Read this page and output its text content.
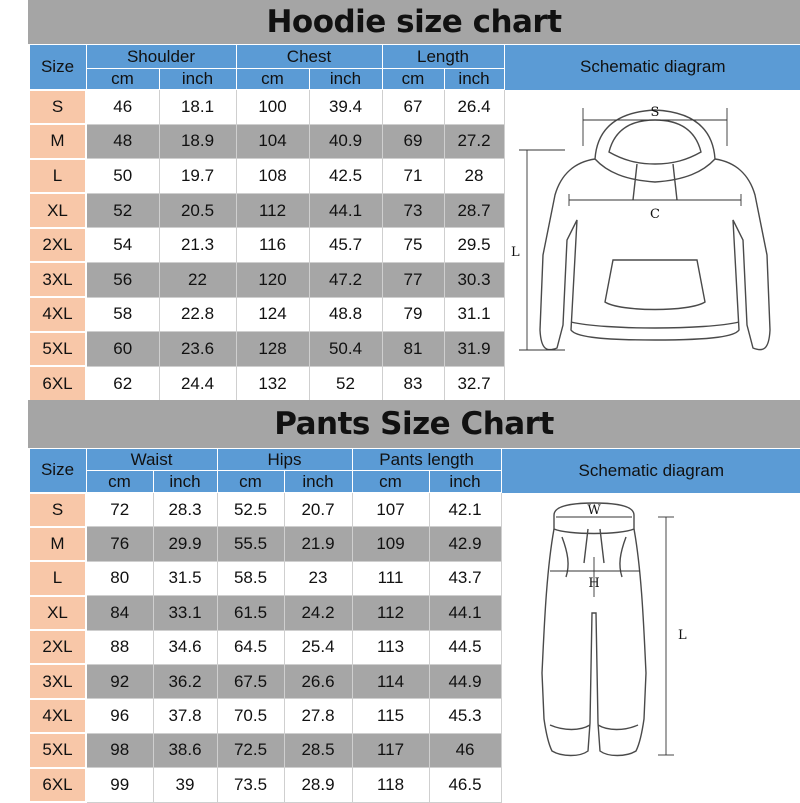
Hoodie size chart
Size	Shoulder		Chest		Length		Schematic diagram
	cm	inch	cm	inch	cm	inch	
S	46	18.1	100	39.4	67	26.4	S
C
L

M	48	18.9	104	40.9	69	27.2	
L	50	19.7	108	42.5	71	28	
XL	52	20.5	112	44.1	73	28.7	
2XL	54	21.3	116	45.7	75	29.5	
3XL	56	22	120	47.2	77	30.3	
4XL	58	22.8	124	48.8	79	31.1	
5XL	60	23.6	128	50.4	81	31.9	
6XL	62	24.4	132	52	83	32.7	
Pants Size Chart
Size	Waist		Hips		Pants length		Schematic diagram
	cm	inch	cm	inch	cm	inch	
S	72	28.3	52.5	20.7	107	42.1	W
H
L

M	76	29.9	55.5	21.9	109	42.9	
L	80	31.5	58.5	23	111	43.7	
XL	84	33.1	61.5	24.2	112	44.1	
2XL	88	34.6	64.5	25.4	113	44.5	
3XL	92	36.2	67.5	26.6	114	44.9	
4XL	96	37.8	70.5	27.8	115	45.3	
5XL	98	38.6	72.5	28.5	117	46	
6XL	99	39	73.5	28.9	118	46.5	
